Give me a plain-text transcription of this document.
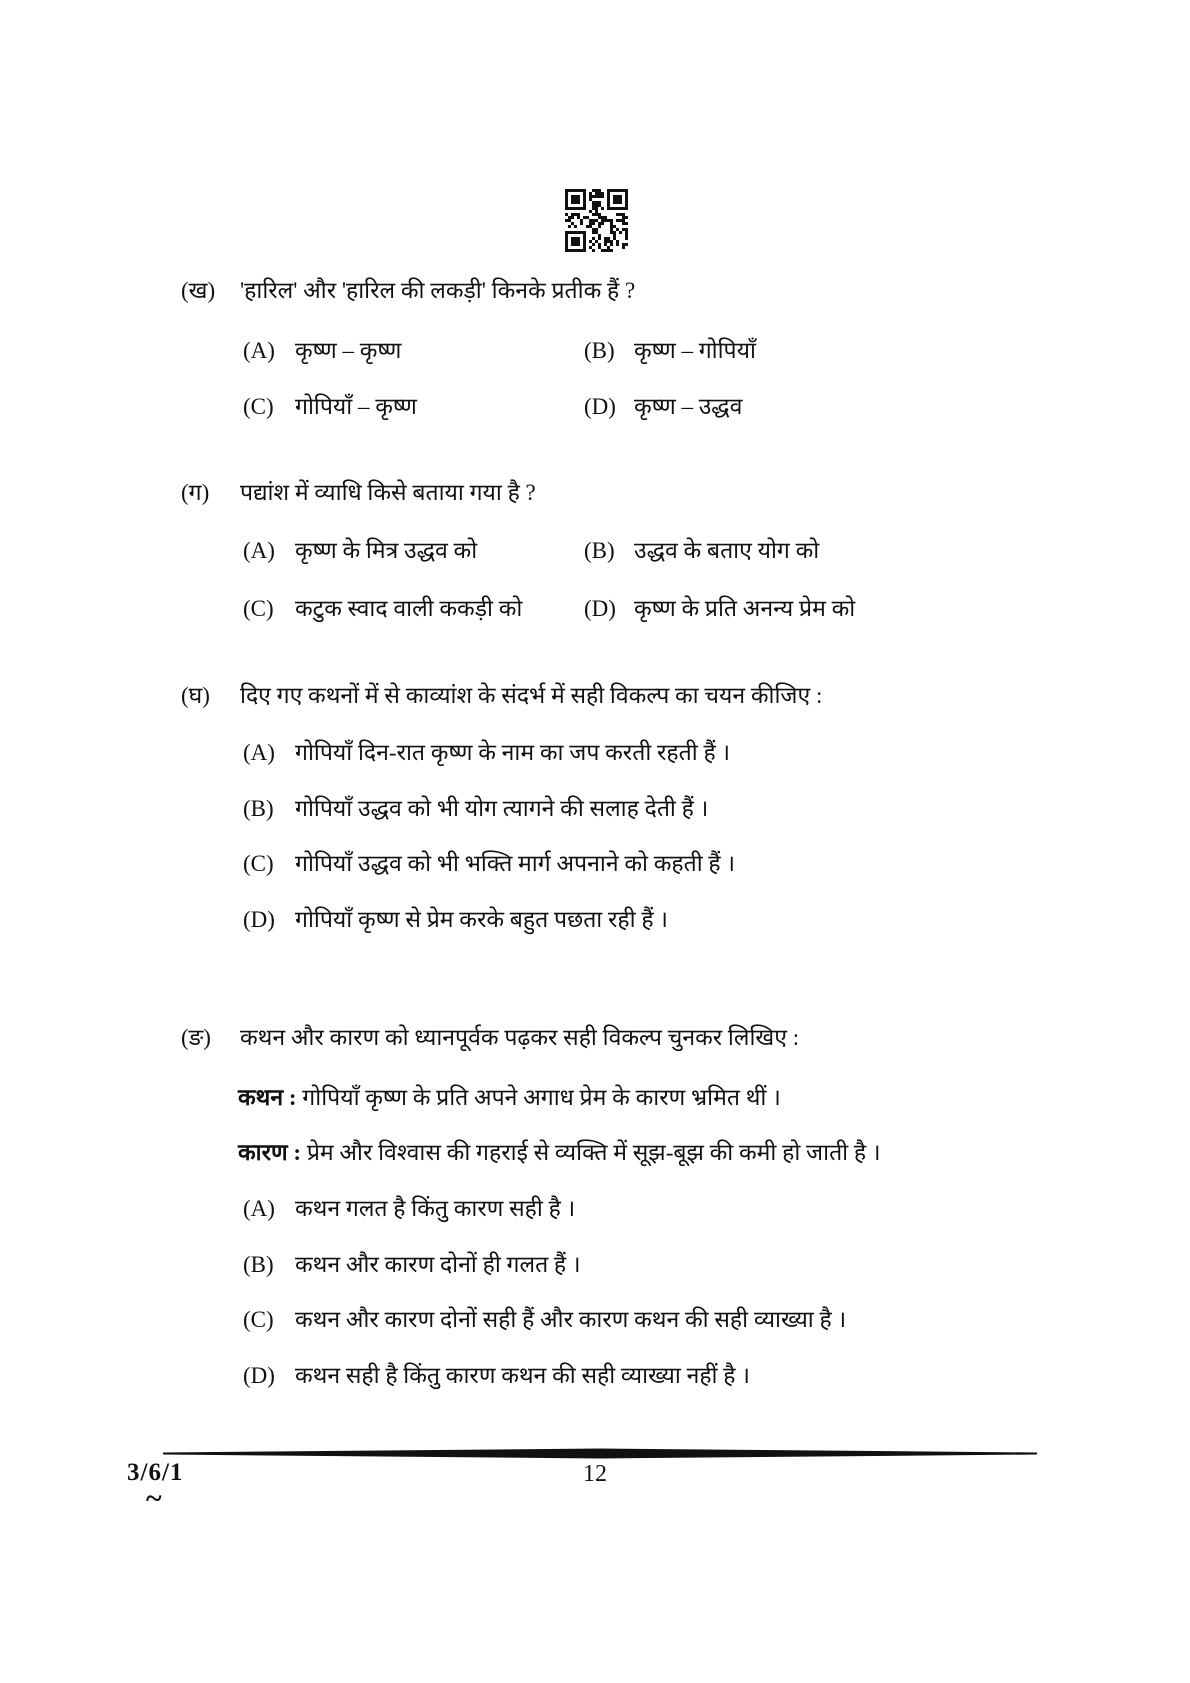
(ख) 'हारिल' और 'हारिल की लकड़ी' किनके प्रतीक हैं ?
(A) कृष्ण – कृष्ण	(B) कृष्ण – गोपियाँ
(C) गोपियाँ – कृष्ण	(D) कृष्ण – उद्धव
(ग) पद्यांश में व्याधि किसे बताया गया है ?
(A) कृष्ण के मित्र उद्धव को	(B) उद्धव के बताए योग को
(C) कटुक स्वाद वाली ककड़ी को	(D) कृष्ण के प्रति अनन्य प्रेम को
(घ) दिए गए कथनों में से काव्यांश के संदर्भ में सही विकल्प का चयन कीजिए :
(A) गोपियाँ दिन-रात कृष्ण के नाम का जप करती रहती हैं ।
(B) गोपियाँ उद्धव को भी योग त्यागने की सलाह देती हैं ।
(C) गोपियाँ उद्धव को भी भक्ति मार्ग अपनाने को कहती हैं ।
(D) गोपियाँ कृष्ण से प्रेम करके बहुत पछता रही हैं ।
(ङ) कथन और कारण को ध्यानपूर्वक पढ़कर सही विकल्प चुनकर लिखिए :
कथन : गोपियाँ कृष्ण के प्रति अपने अगाध प्रेम के कारण भ्रमित थीं ।
कारण : प्रेम और विश्वास की गहराई से व्यक्ति में सूझ-बूझ की कमी हो जाती है ।
(A) कथन गलत है किंतु कारण सही है ।
(B) कथन और कारण दोनों ही गलत हैं ।
(C) कथन और कारण दोनों सही हैं और कारण कथन की सही व्याख्या है ।
(D) कथन सही है किंतु कारण कथन की सही व्याख्या नहीं है ।
3/6/1	12
~
